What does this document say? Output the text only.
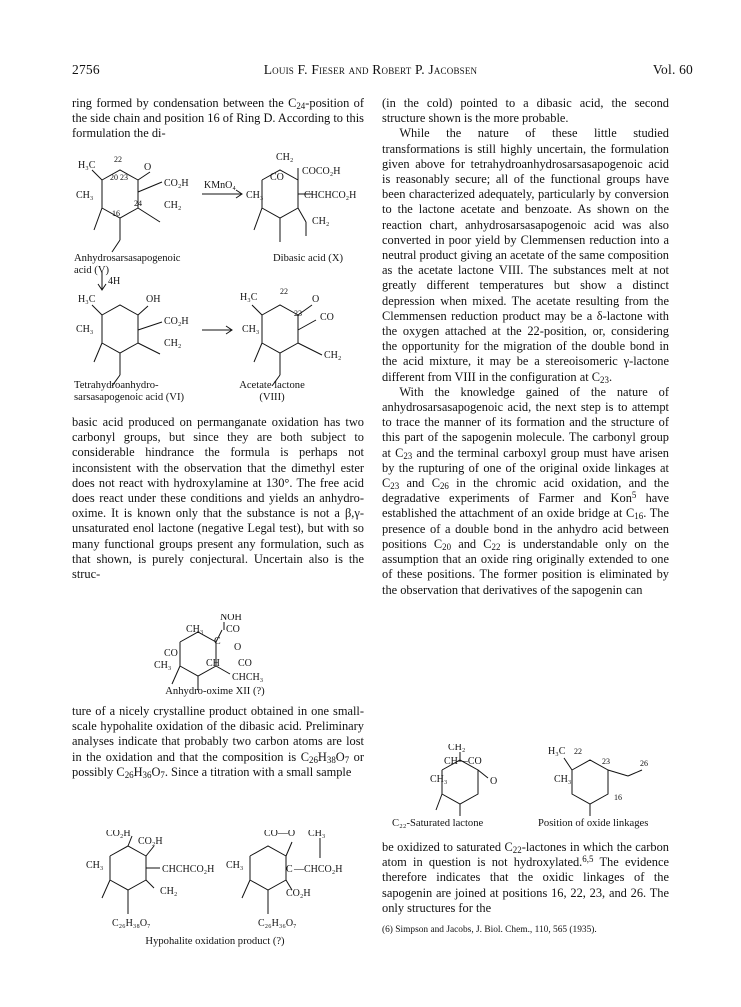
2756	Louis F. Fieser and Robert P. Jacobsen	Vol. 60

ring formed by condensation between the $C_{24}$-position of the side chain and position 16 of Ring D. According to this formulation the di-

basic acid produced on permanganate oxidation has two carbonyl groups, but since they are both subject to considerable hindrance the formula is perhaps not inconsistent with the observation that the dimethyl ester does not react with hydroxylamine at 130°. The free acid does react under these conditions and yields an anhydro-oxime. It is known only that the substance is not a β,γ-unsaturated enol lactone (negative Legal test), but with so many functional groups present any formulation, such as that shown, is purely conjectural. Uncertain also is the struc-

ture of a nicely crystalline product obtained in one small-scale hypohalite oxidation of the dibasic acid. Preliminary analyses indicate that probably two carbon atoms are lost in the oxidation and that the composition is $C_{26}H_{38}O_7$ or possibly $C_{26}H_{36}O_7$. Since a titration with a small sample

(in the cold) pointed to a dibasic acid, the second structure shown is the more probable.

While the nature of these little studied transformations is still highly uncertain, the formulation given above for tetrahydroanhydrosarsasapogenoic acid is reasonably secure; all of the functional groups have been characterized adequately, particularly by conversion to the lactone acetate and benzoate. As shown on the reaction chart, anhydrosarsasapogenoic acid was also converted in poor yield by Clemmensen reduction into a neutral product giving an acetate of the same composition as the acetate lactone VIII. The substances melt at not greatly different temperatures but show a distinct depression when mixed. The acetate resulting from the Clemmensen reduction product may be a δ-lactone with the oxygen attached at the 22-position, or, considering the opportunity for the migration of the double bond in the acid mixture, it may be a stereoisomeric γ-lactone different from VIII in the configuration at $C_{23}$.

With the knowledge gained of the nature of anhydrosarsasapogenoic acid, the next step is to attempt to trace the manner of its formation and the structure of this part of the sapogenin molecule. The carbonyl group at $C_{23}$ and the terminal carboxyl group must have arisen by the rupturing of one of the original oxide linkages at $C_{23}$ and $C_{26}$ in the chromic acid oxidation, and the degradative experiments of Farmer and Kon$^5$ have established the attachment of an oxide bridge at $C_{16}$. The presence of a double bond in the anhydro acid between positions $C_{20}$ and $C_{22}$ is understandable only on the assumption that an oxide ring originally extended to one of these positions. The former position is eliminated by the observation that derivatives of the sapogenin can

be oxidized to saturated $C_{22}$-lactones in which the carbon atom in question is not hydroxylated.$^{6,5}$ The evidence therefore indicates that the oxidic linkages of the sapogenin are joined at positions 16, 22, 23, and 26. The only structures for the

(6) Simpson and Jacobs, J. Biol. Chem., 110, 565 (1935).
H₃C
22
O
20 23
CH₃
CO₂H
24 CH₂
16
KMnO₄
CH₂
CO
COCO₂H
CH₃	CHCHCO₂H
CH₂
4H
H₃C	OH
CH₃
CO₂H
CH₂
H₃C
22
O
23 CO
CH₃
CH₂
Anhydrosarsasapogenoic acid (V)
Dibasic acid (X)
Tetrahydroanhydro-sarsasapogenoic acid (VI)
Acetate lactone (VIII)
NOH
CH₃ CO
C
O
CO
CH₃	CH CO
CHCH₃
Anhydro-oxime XII (?)
CO₂H
CO₂H
CH₃	CHCHCO₂H
CH₂
C₂₆H₃₈O₇
CO—O CH₃
CH₃	C —CHCO₂H
CO₂H
C₂₆H₃₆O₇
Hypohalite oxidation product (?)
CH₂
CH—CO
CH₃	O
H₃C 22
23	26
CH₃
16
C₂₂-Saturated lactone	Position of oxide linkages
